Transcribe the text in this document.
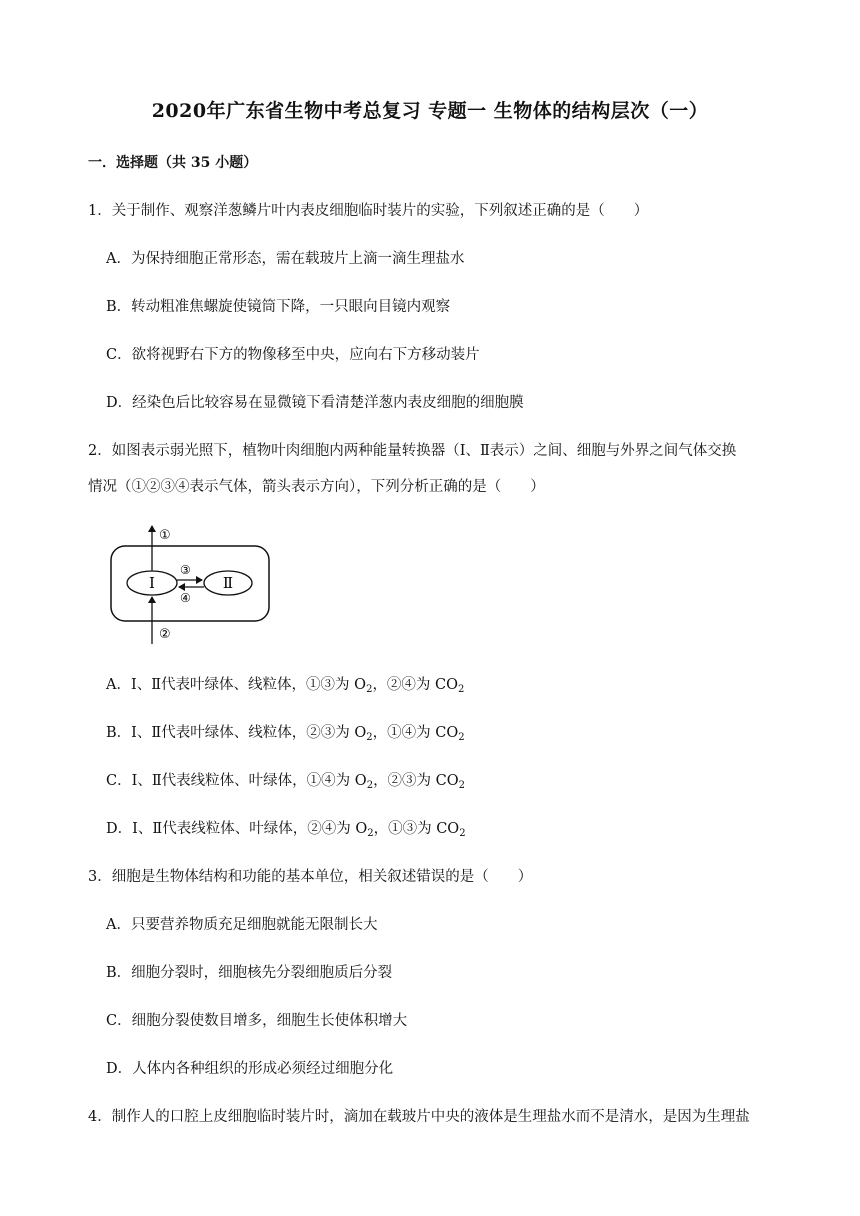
2020年广东省生物中考总复习 专题一 生物体的结构层次（一）
一．选择题（共 35 小题）
1．关于制作、观察洋葱鳞片叶内表皮细胞临时装片的实验，下列叙述正确的是（　　）
A．为保持细胞正常形态，需在载玻片上滴一滴生理盐水
B．转动粗准焦螺旋使镜筒下降，一只眼向目镜内观察
C．欲将视野右下方的物像移至中央，应向右下方移动装片
D．经染色后比较容易在显微镜下看清楚洋葱内表皮细胞的细胞膜
2．如图表示弱光照下，植物叶肉细胞内两种能量转换器（Ⅰ、Ⅱ表示）之间、细胞与外界之间气体交换
情况（①②③④表示气体，箭头表示方向），下列分析正确的是（　　）
Ⅰ	Ⅱ
①
②
③
④
A．Ⅰ、Ⅱ代表叶绿体、线粒体，①③为 $O_2$，②④为 $CO_2$
B．Ⅰ、Ⅱ代表叶绿体、线粒体，②③为 $O_2$，①④为 $CO_2$
C．Ⅰ、Ⅱ代表线粒体、叶绿体，①④为 $O_2$，②③为 $CO_2$
D．Ⅰ、Ⅱ代表线粒体、叶绿体，②④为 $O_2$，①③为 $CO_2$
3．细胞是生物体结构和功能的基本单位，相关叙述错误的是（　　）
A．只要营养物质充足细胞就能无限制长大
B．细胞分裂时，细胞核先分裂细胞质后分裂
C．细胞分裂使数目增多，细胞生长使体积增大
D．人体内各种组织的形成必须经过细胞分化
4．制作人的口腔上皮细胞临时装片时，滴加在载玻片中央的液体是生理盐水而不是清水，是因为生理盐
